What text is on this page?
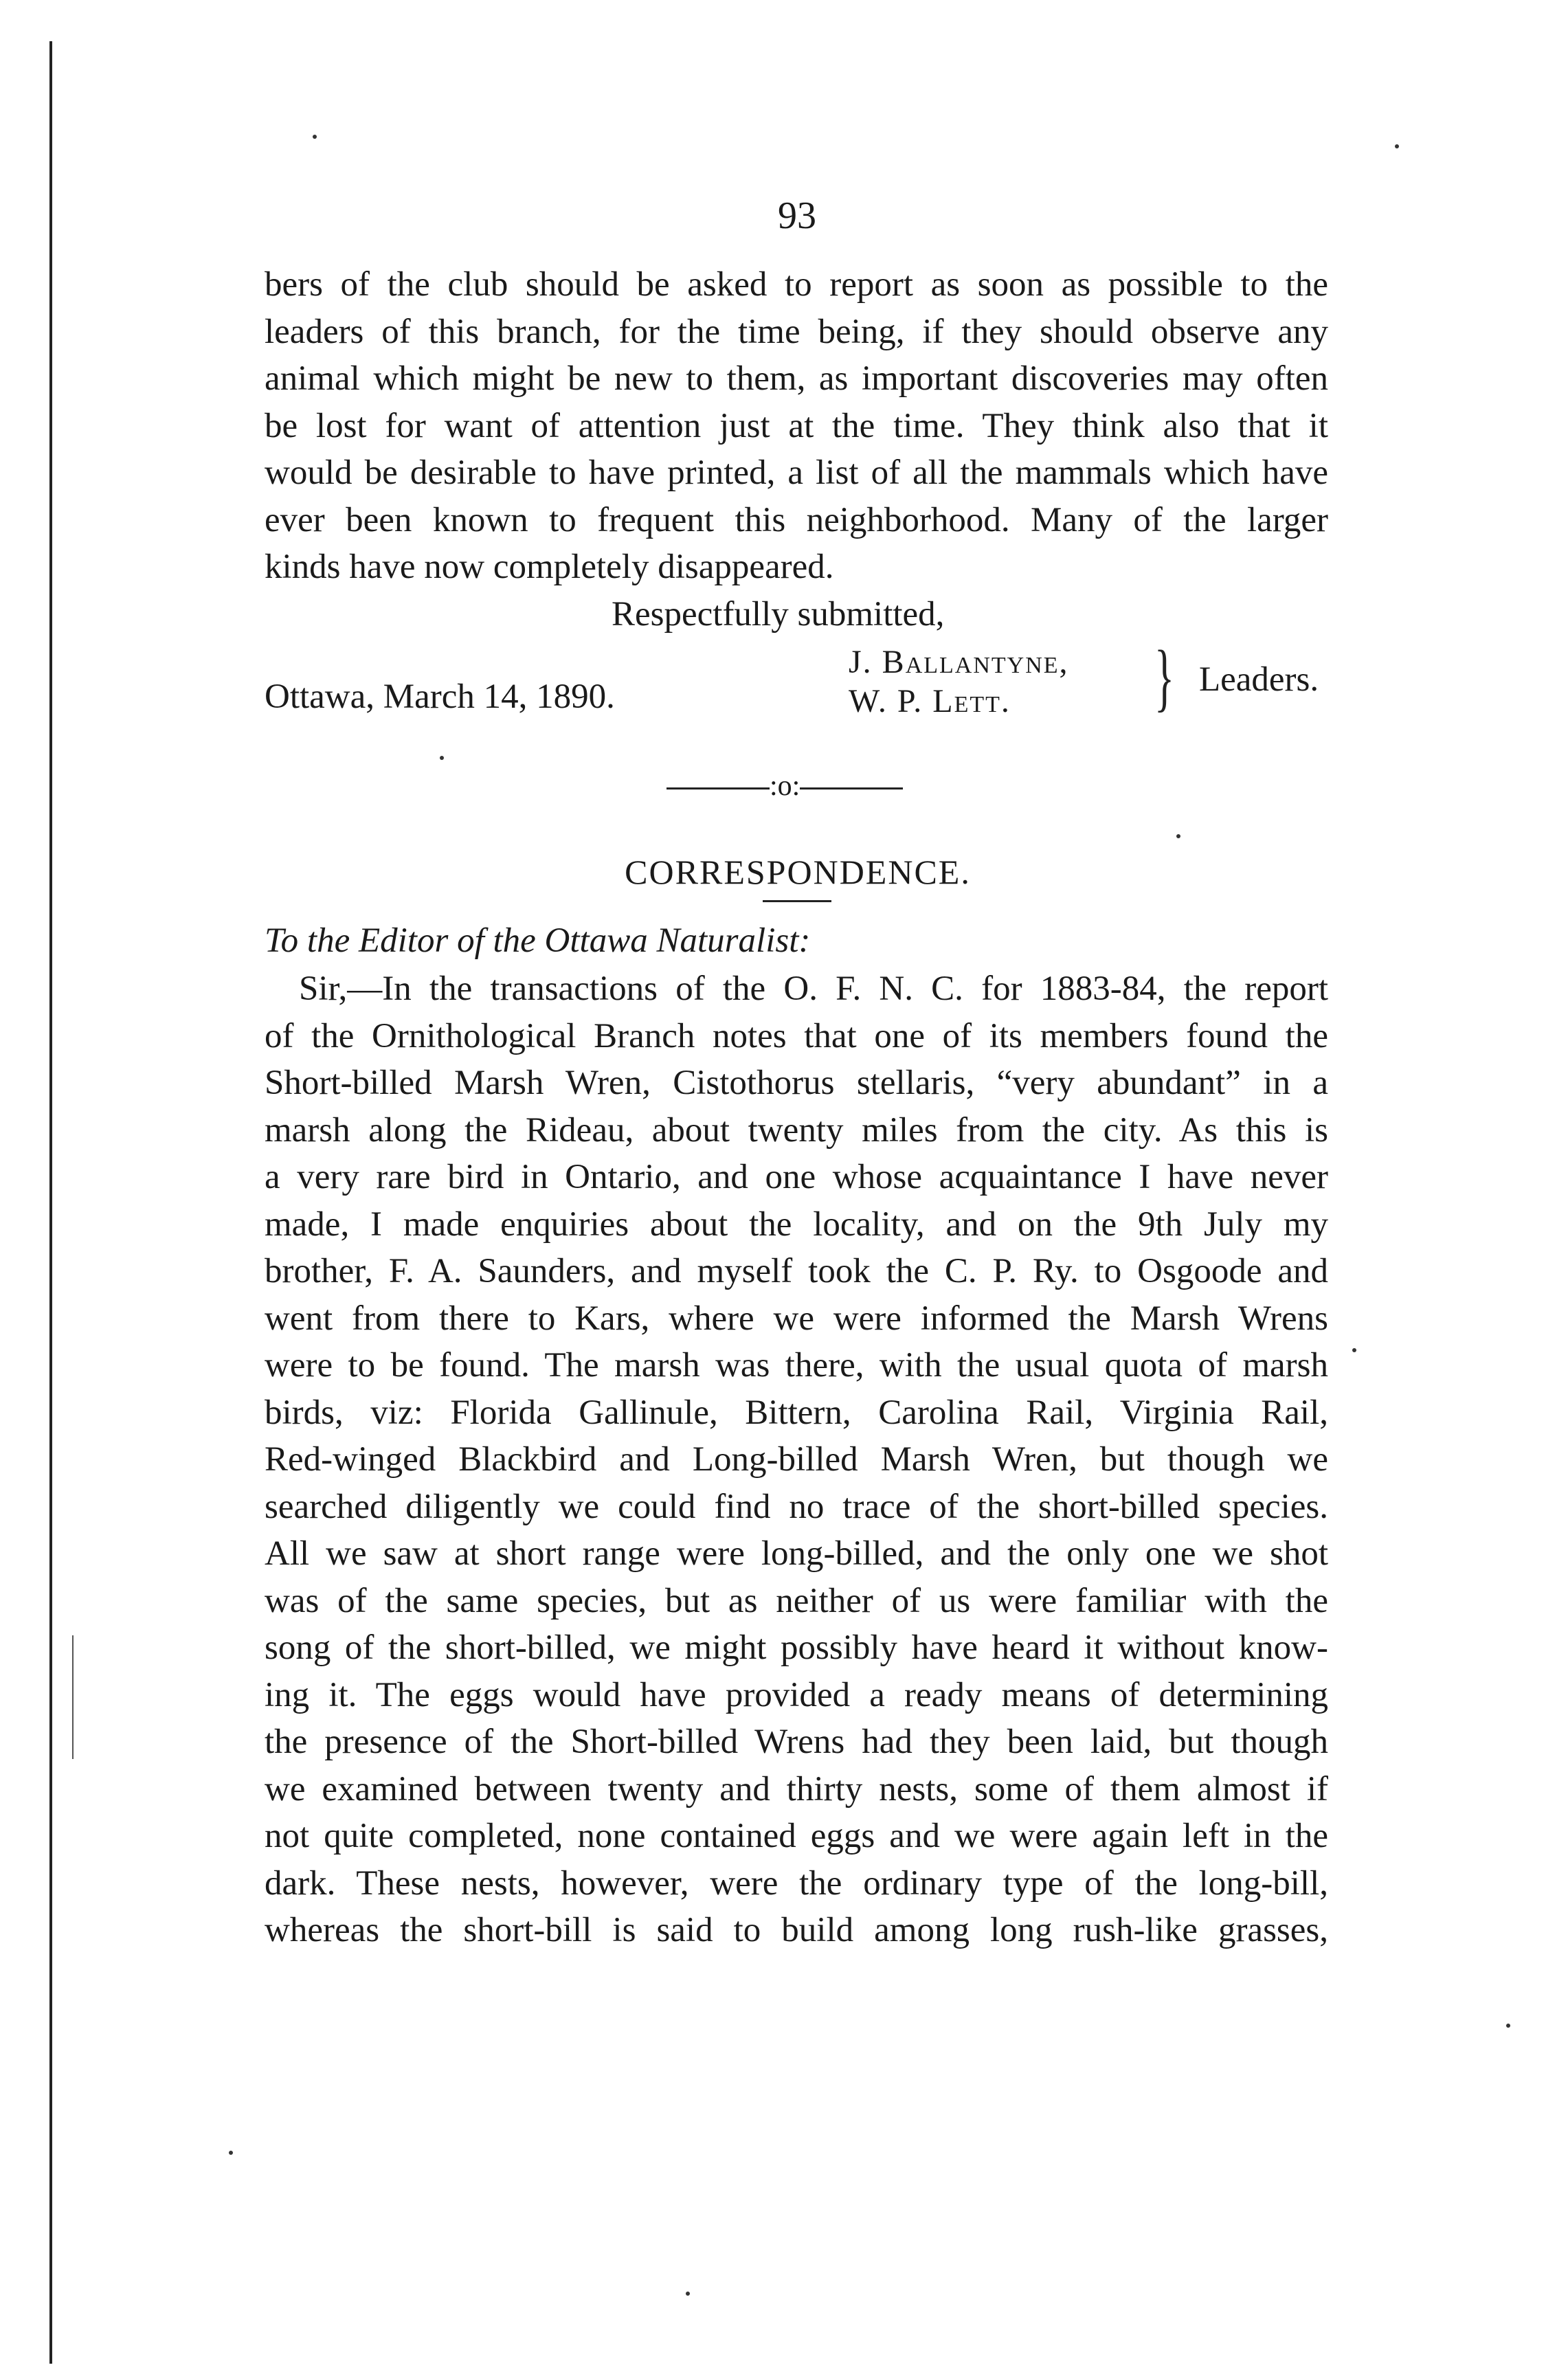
93
bers of the club should be asked to report as soon as possible to the
leaders of this branch, for the time being, if they should observe any
animal which might be new to them, as important discoveries may often
be lost for want of attention just at the time. They think also that it
would be desirable to have printed, a list of all the mammals which have
ever been known to frequent this neighborhood. Many of the larger
kinds have now completely disappeared.
Respectfully submitted,
Ottawa, March 14, 1890.
J. Ballantyne,
W. P. Lett.	} Leaders.
:o:
CORRESPONDENCE.
To the Editor of the Ottawa Naturalist:
Sir,—In the transactions of the O. F. N. C. for 1883-84, the report
of the Ornithological Branch notes that one of its members found the
Short-billed Marsh Wren, Cistothorus stellaris, “very abundant” in a
marsh along the Rideau, about twenty miles from the city. As this is
a very rare bird in Ontario, and one whose acquaintance I have never
made, I made enquiries about the locality, and on the 9th July my
brother, F. A. Saunders, and myself took the C. P. Ry. to Osgoode and
went from there to Kars, where we were informed the Marsh Wrens
were to be found. The marsh was there, with the usual quota of marsh
birds, viz: Florida Gallinule, Bittern, Carolina Rail, Virginia Rail,
Red-winged Blackbird and Long-billed Marsh Wren, but though we
searched diligently we could find no trace of the short-billed species.
All we saw at short range were long-billed, and the only one we shot
was of the same species, but as neither of us were familiar with the
song of the short-billed, we might possibly have heard it without know-
ing it. The eggs would have provided a ready means of determining
the presence of the Short-billed Wrens had they been laid, but though
we examined between twenty and thirty nests, some of them almost if
not quite completed, none contained eggs and we were again left in the
dark. These nests, however, were the ordinary type of the long-bill,
whereas the short-bill is said to build among long rush-like grasses,
